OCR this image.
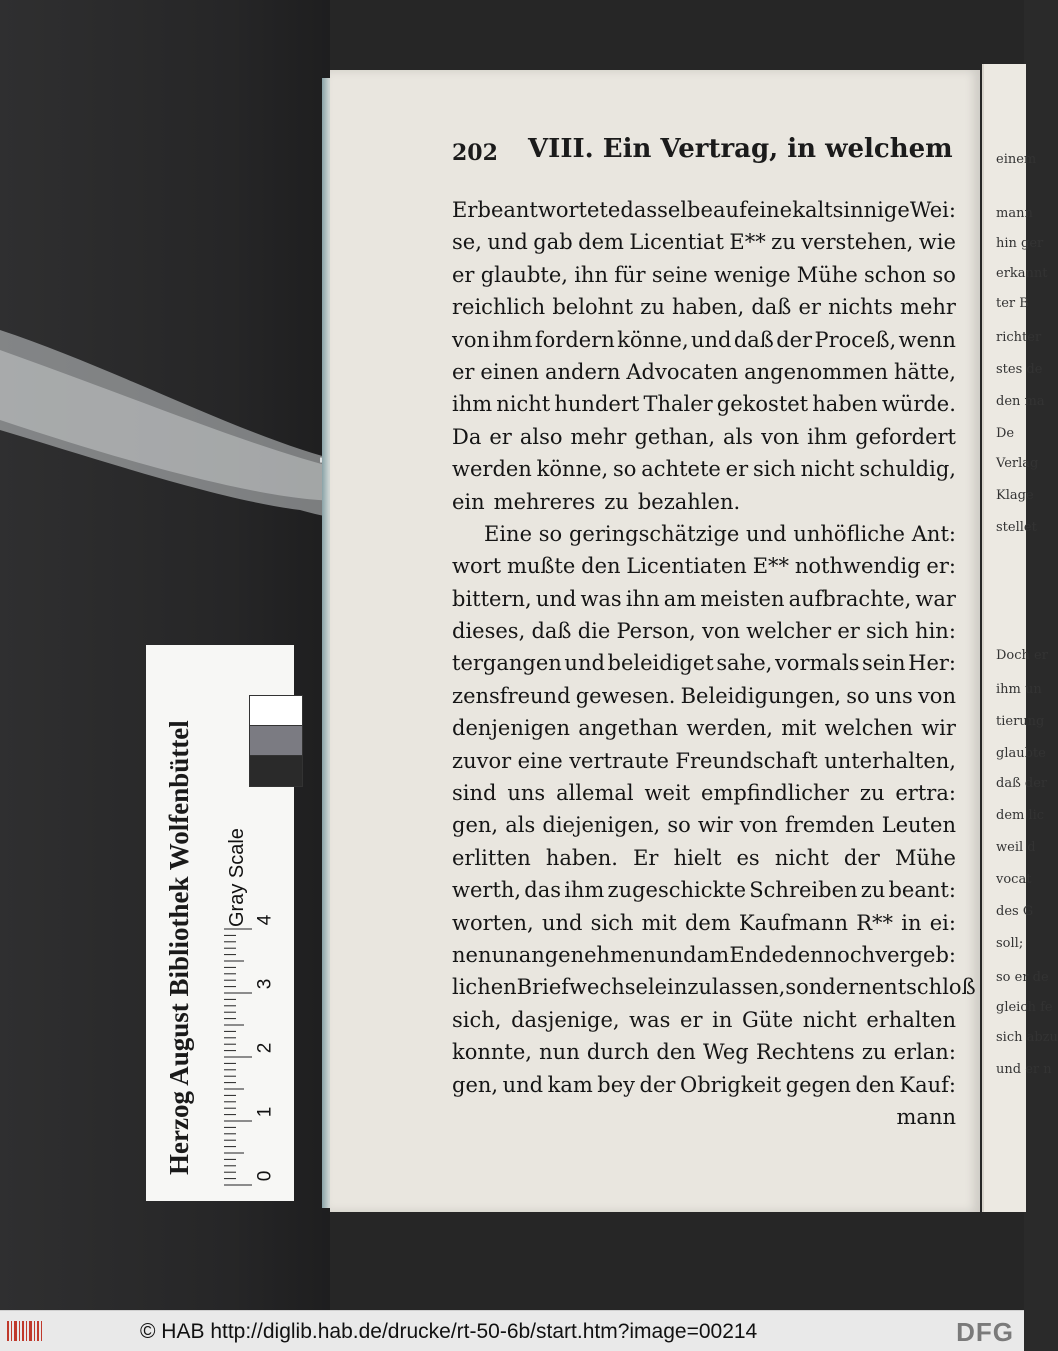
einem
mann
hin ger
erkannt
ter B
richter
stes de
den ma
De
Verlag
Klage
stellet
Doch er
ihm un
tierung
glaubte
daß der
dem lic
weil d
vocat
des G
soll;
so er de
gleich fe
sich abzu
und er n
202 VIII. Ein Vertrag, in welchem
Er beantwortete dasselbe auf eine kaltsinnige Wei:
se, und gab dem Licentiat E** zu verstehen, wie
er glaubte, ihn für seine wenige Mühe schon so
reichlich belohnt zu haben, daß er nichts mehr
von ihm fordern könne, und daß der Proceß, wenn
er einen andern Advocaten angenommen hätte,
ihm nicht hundert Thaler gekostet haben würde.
Da er also mehr gethan, als von ihm gefordert
werden könne, so achtete er sich nicht schuldig,
ein mehreres zu bezahlen.
Eine so geringschätzige und unhöfliche Ant:
wort mußte den Licentiaten E** nothwendig er:
bittern, und was ihn am meisten aufbrachte, war
dieses, daß die Person, von welcher er sich hin:
tergangen und beleidiget sahe, vormals sein Her:
zensfreund gewesen. Beleidigungen, so uns von
denjenigen angethan werden, mit welchen wir
zuvor eine vertraute Freundschaft unterhalten,
sind uns allemal weit empfindlicher zu ertra:
gen, als diejenigen, so wir von fremden Leuten
erlitten haben. Er hielt es nicht der Mühe
werth, das ihm zugeschickte Schreiben zu beant:
worten, und sich mit dem Kaufmann R** in ei:
nen unangenehmen und am Ende dennoch vergeb:
lichen Briefwechsel einzulassen, sondern entschloß
sich, dasjenige, was er in Güte nicht erhalten
konnte, nun durch den Weg Rechtens zu erlan:
gen, und kam bey der Obrigkeit gegen den Kauf:
mann
Herzog August Bibliothek Wolfenbüttel Gray Scale
0
1
2
3
4
© HAB http://diglib.hab.de/drucke/rt-50-6b/start.htm?image=00214	DFG
